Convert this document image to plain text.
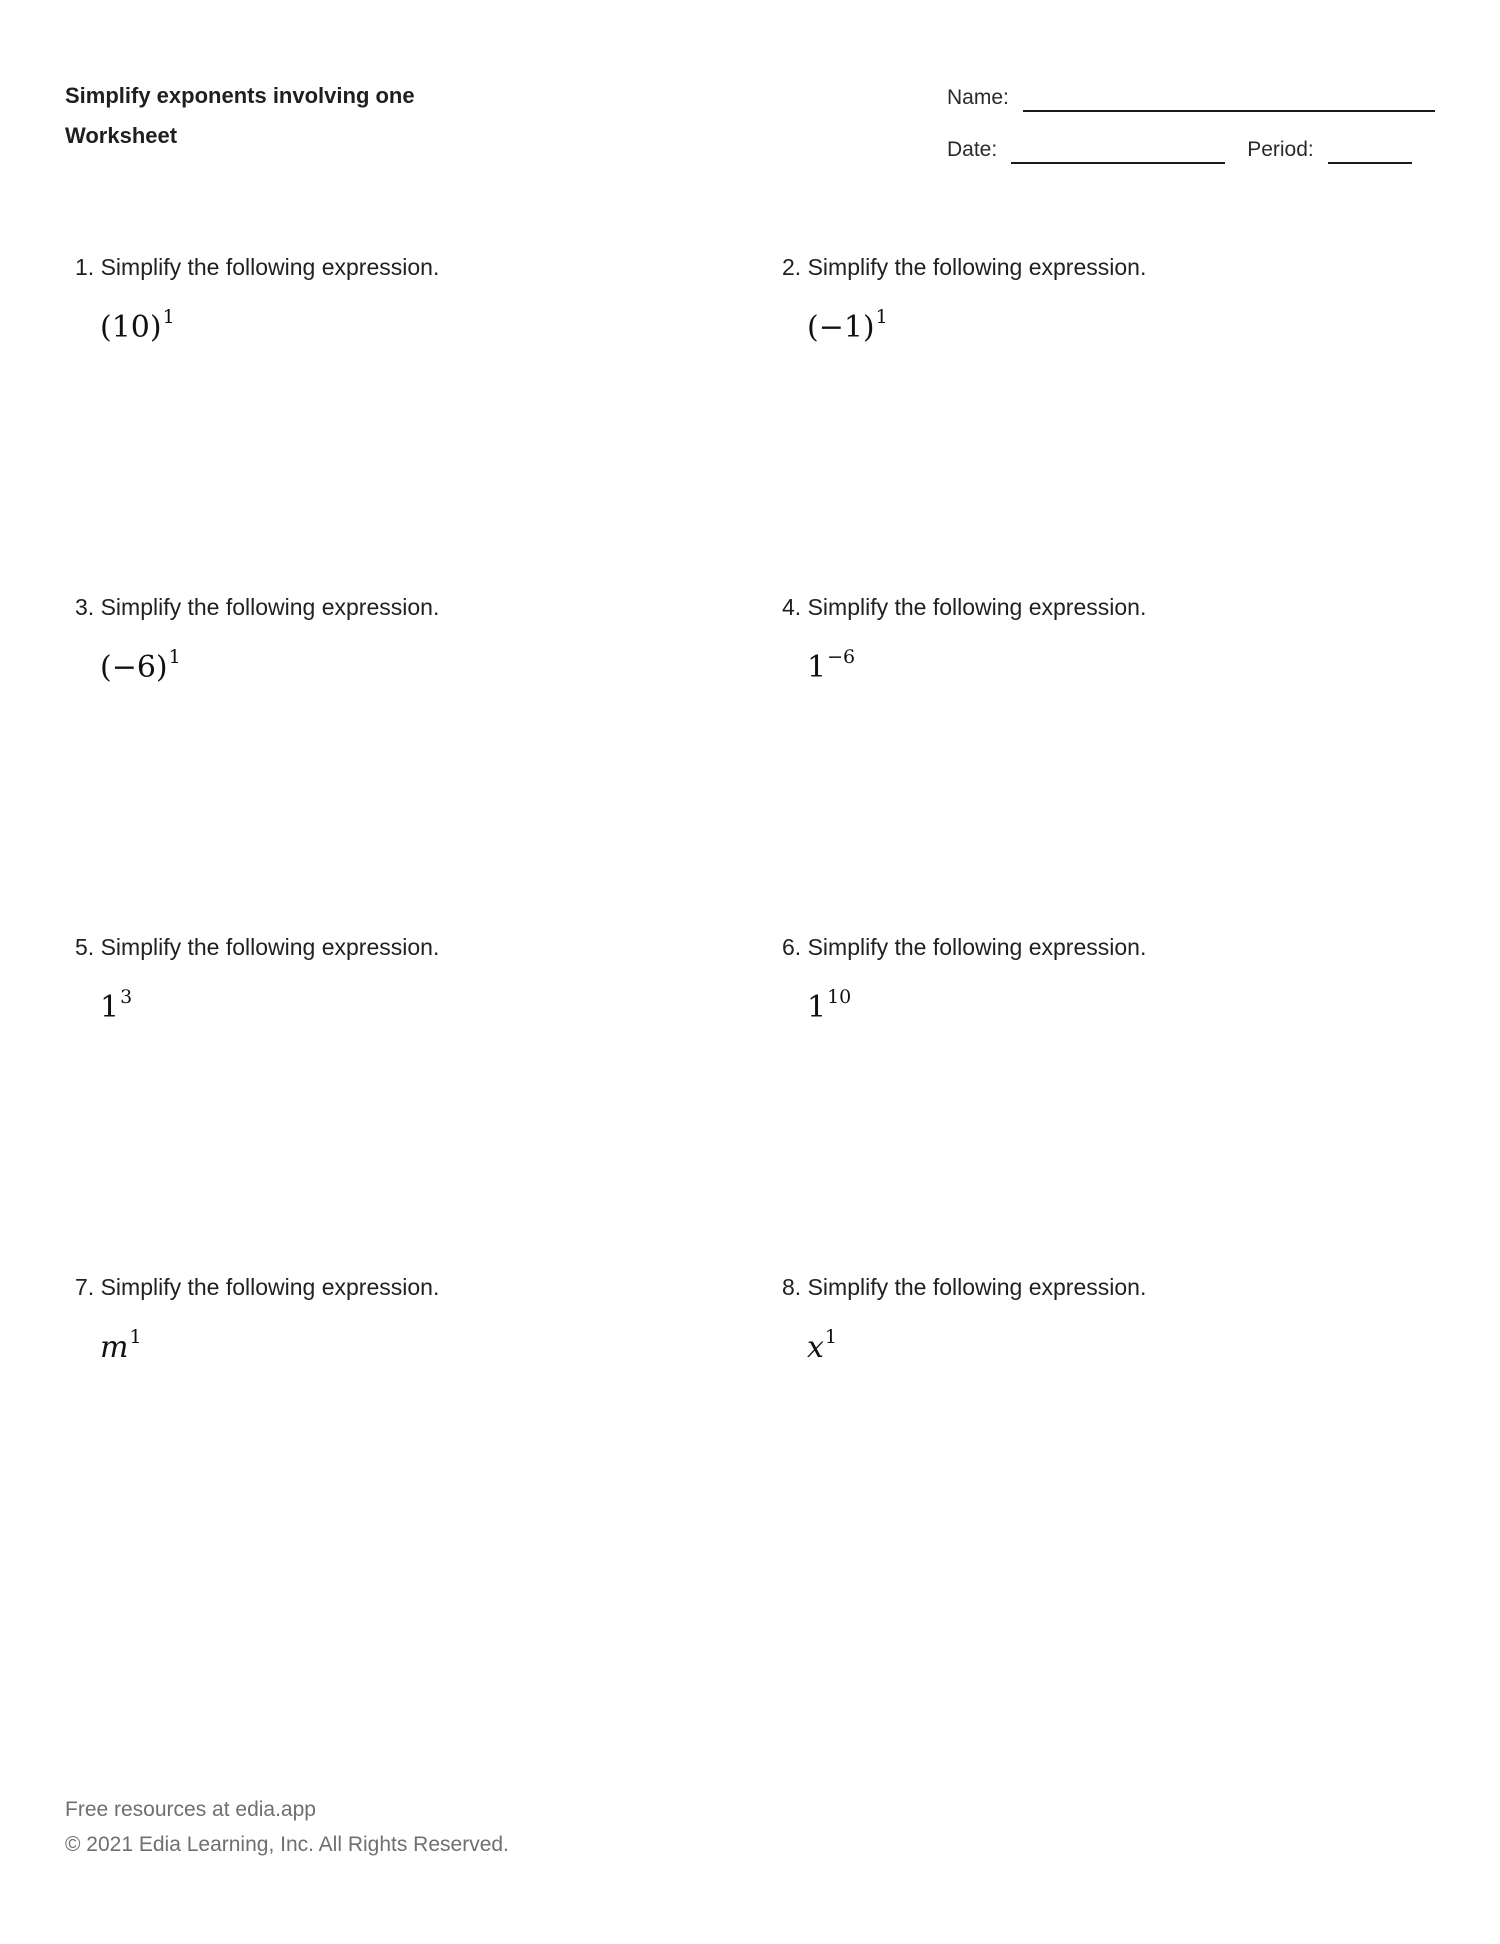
Simplify exponents involving one
Worksheet
Name:
Date:	Period:
1. Simplify the following expression.
$(10)^1$
2. Simplify the following expression.
$(-1)^1$
3. Simplify the following expression.
$(-6)^1$
4. Simplify the following expression.
$1^{-6}$
5. Simplify the following expression.
$1^3$
6. Simplify the following expression.
$1^{10}$
7. Simplify the following expression.
$m^1$
8. Simplify the following expression.
$x^1$
Free resources at edia.app
© 2021 Edia Learning, Inc. All Rights Reserved.
